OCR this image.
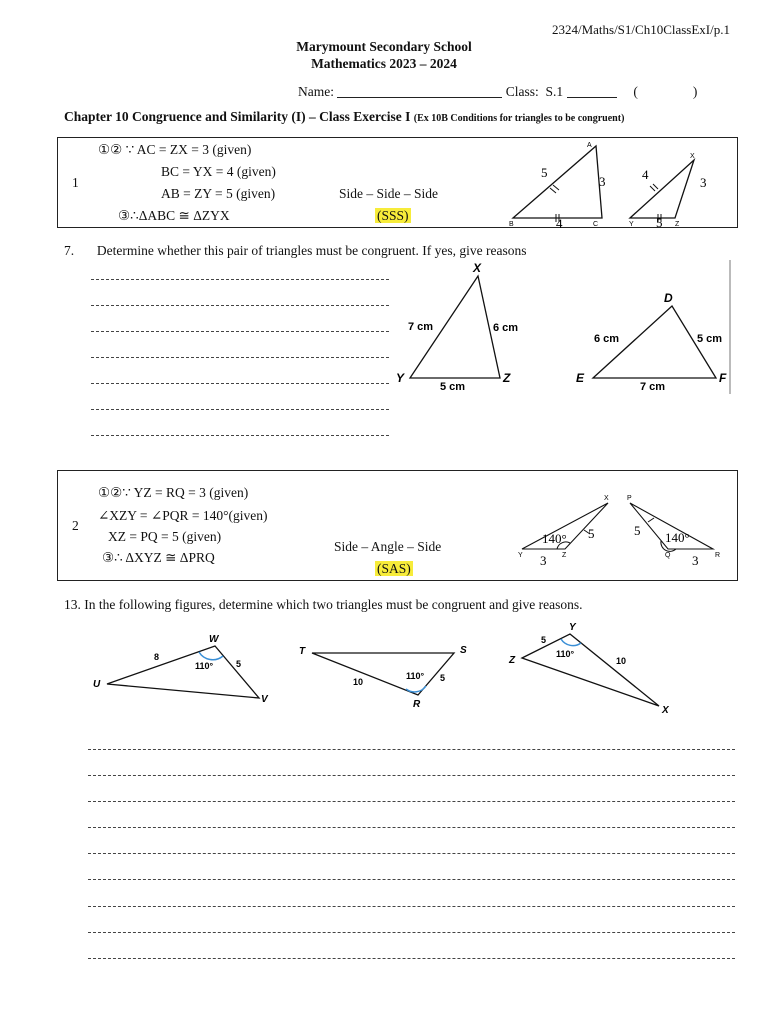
2324/Maths/S1/Ch10ClassExI/p.1
Marymount Secondary School
Mathematics 2023 – 2024
Name:	Class: S.1	(	)
Chapter 10 Congruence and Similarity (I) – Class Exercise I (Ex 10B Conditions for triangles to be congruent)
1
①② ∵ AC = ZX = 3 (given)
BC = YX = 4 (given)
AB = ZY = 5 (given)
③∴ΔABC ≅ ΔZYX
Side – Side – Side
(SSS)
A
B	C
5
3
4
X
Y	Z
4
3
5
7. Determine whether this pair of triangles must be congruent. If yes, give reasons
X
Y	Z
7 cm	6 cm
5 cm
D
E	F
6 cm	5 cm
7 cm
2
①②∵ YZ = RQ = 3 (given)
∠XZY = ∠PQR = 140°(given)
XZ = PQ = 5 (given)
③∴ ΔXYZ ≅ ΔPRQ
Side – Angle – Side
(SAS)
X
Y	Z
140° 5
3
P
Q	R
140°
5
3
13. In the following figures, determine which two triangles must be congruent and give reasons.
U
W
V
8
5
110°
T	S
R
10	5
110°
Z
Y
X
5
10
110°
